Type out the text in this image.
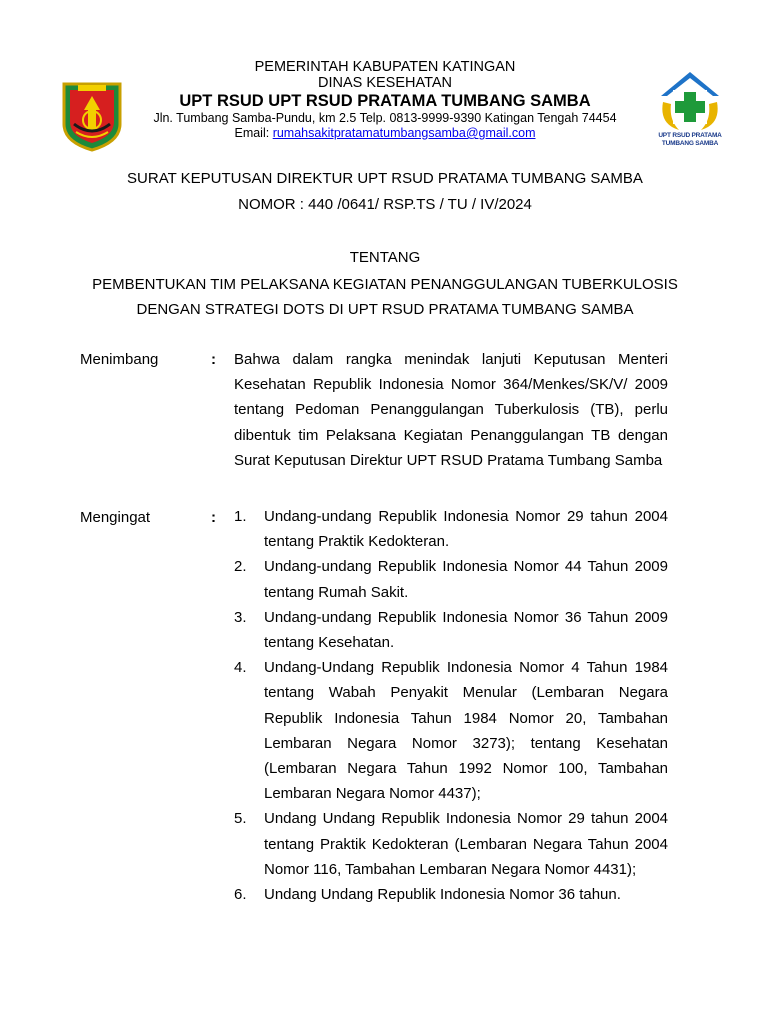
UPT RSUD PRATAMA
TUMBANG SAMBA
PEMERINTAH KABUPATEN KATINGAN
DINAS KESEHATAN
UPT RSUD UPT RSUD PRATAMA TUMBANG SAMBA
Jln. Tumbang Samba-Pundu, km 2.5 Telp. 0813-9999-9390 Katingan Tengah 74454
Email: rumahsakitpratamatumbangsamba@gmail.com
SURAT KEPUTUSAN DIREKTUR UPT RSUD PRATAMA TUMBANG SAMBA
NOMOR : 440 /0641/ RSP.TS / TU / IV/2024
TENTANG
PEMBENTUKAN TIM PELAKSANA KEGIATAN PENANGGULANGAN TUBERKULOSIS
DENGAN STRATEGI DOTS DI UPT RSUD PRATAMA TUMBANG SAMBA
Menimbang	: Bahwa dalam rangka menindak lanjuti Keputusan Menteri Kesehatan Republik Indonesia Nomor 364/Menkes/SK/V/ 2009 tentang Pedoman Penanggulangan Tuberkulosis (TB), perlu dibentuk tim Pelaksana Kegiatan Penanggulangan TB dengan Surat Keputusan Direktur UPT RSUD Pratama Tumbang Samba
Mengingat	: 1. Undang-undang Republik Indonesia Nomor 29 tahun 2004 tentang Praktik Kedokteran.
2. Undang-undang Republik Indonesia Nomor 44 Tahun 2009 tentang Rumah Sakit.
3. Undang-undang Republik Indonesia Nomor 36 Tahun 2009 tentang Kesehatan.
4. Undang-Undang Republik Indonesia Nomor 4 Tahun 1984 tentang Wabah Penyakit Menular (Lembaran Negara Republik Indonesia Tahun 1984 Nomor 20, Tambahan Lembaran Negara Nomor 3273); tentang Kesehatan (Lembaran Negara Tahun 1992 Nomor 100, Tambahan Lembaran Negara Nomor 4437);
5. Undang Undang Republik Indonesia Nomor 29 tahun 2004 tentang Praktik Kedokteran (Lembaran Negara Tahun 2004 Nomor 116, Tambahan Lembaran Negara Nomor 4431);
6. Undang Undang Republik Indonesia Nomor 36 tahun.
